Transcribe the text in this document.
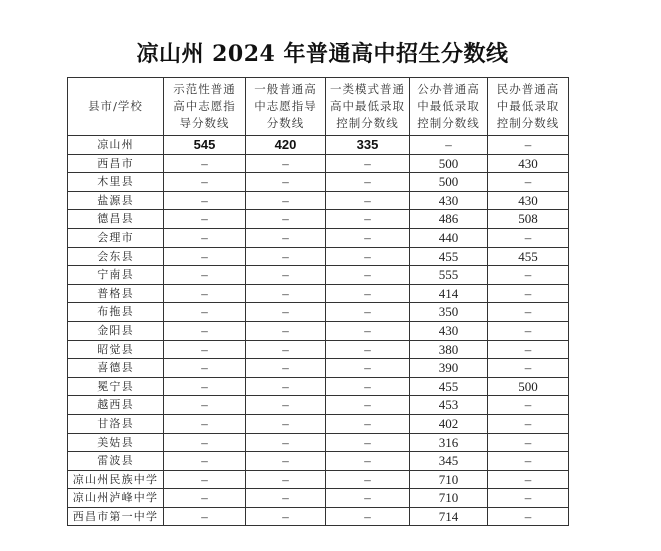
凉山州 2024 年普通高中招生分数线
县市/学校	示范性普通高中志愿指导分数线	一般普通高中志愿指导分数线	一类模式普通高中最低录取控制分数线	公办普通高中最低录取控制分数线	民办普通高中最低录取控制分数线
凉山州	545	420	335	–	–
西昌市	–	–	–	500	430
木里县	–	–	–	500	–
盐源县	–	–	–	430	430
德昌县	–	–	–	486	508
会理市	–	–	–	440	–
会东县	–	–	–	455	455
宁南县	–	–	–	555	–
普格县	–	–	–	414	–
布拖县	–	–	–	350	–
金阳县	–	–	–	430	–
昭觉县	–	–	–	380	–
喜德县	–	–	–	390	–
冕宁县	–	–	–	455	500
越西县	–	–	–	453	–
甘洛县	–	–	–	402	–
美姑县	–	–	–	316	–
雷波县	–	–	–	345	–
凉山州民族中学	–	–	–	710	–
凉山州泸峰中学	–	–	–	710	–
西昌市第一中学	–	–	–	714	–
